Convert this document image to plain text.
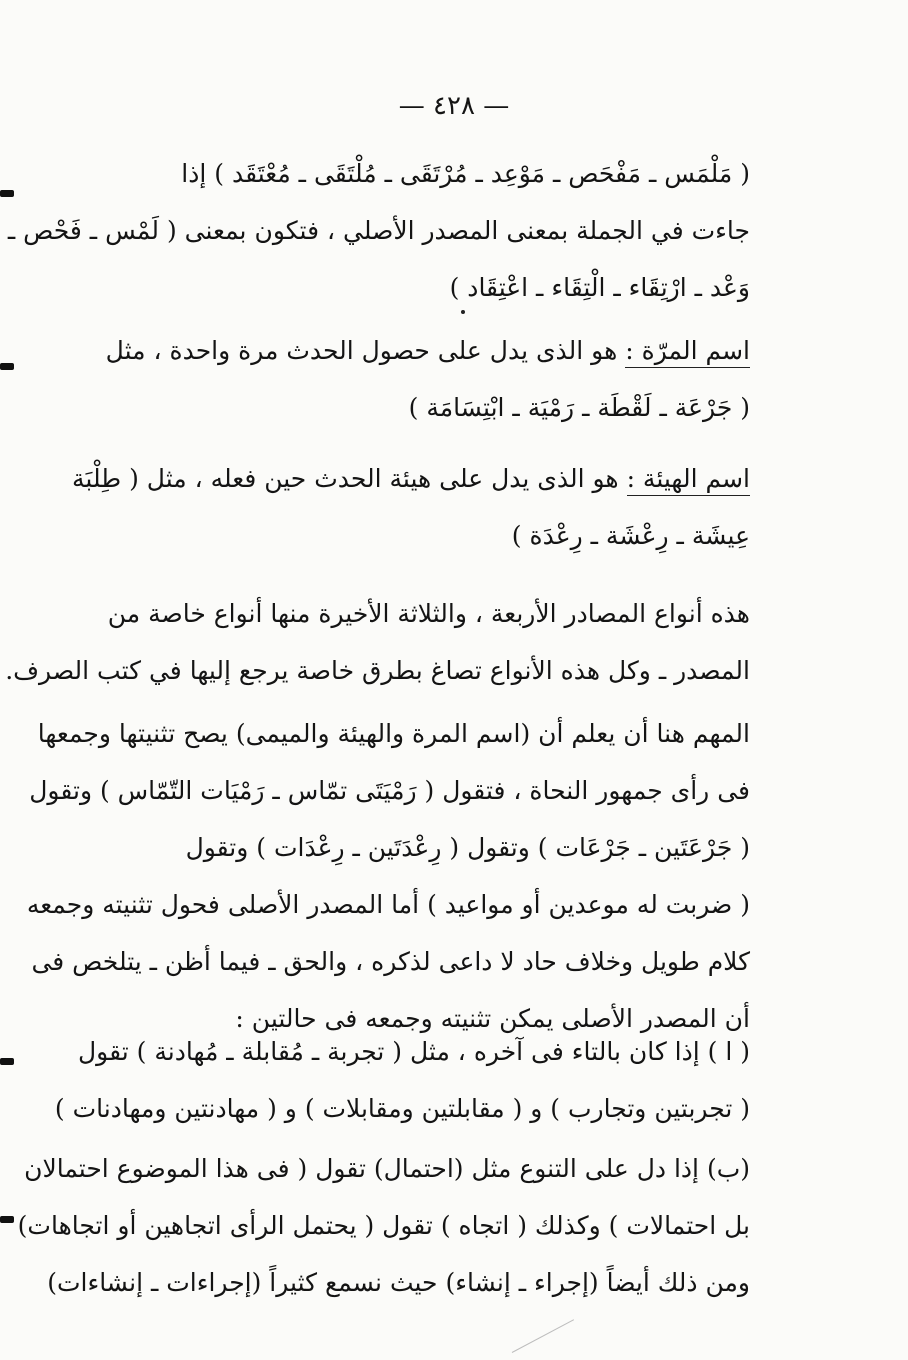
— ٤٢٨ —
( مَلْمَس ـ مَفْحَص ـ مَوْعِد ـ مُرْتَقَى ـ مُلْتَقَى ـ مُعْتَقَد ) إذا
جاءت في الجملة بمعنى المصدر الأصلي ، فتكون بمعنى ( لَمْس ـ فَحْص ـ
وَعْد ـ ارْتِقَاء ـ الْتِقَاء ـ اعْتِقَاد )
اسم المرّة : هو الذى يدل على حصول الحدث مرة واحدة ، مثل
( جَرْعَة ـ لَقْطَة ـ رَمْيَة ـ ابْتِسَامَة )
اسم الهيئة : هو الذى يدل على هيئة الحدث حين فعله ، مثل ( طِلْبَة
عِيشَة ـ رِعْشَة ـ رِعْدَة )
هذه أنواع المصادر الأربعة ، والثلاثة الأخيرة منها أنواع خاصة من
المصدر ـ وكل هذه الأنواع تصاغ بطرق خاصة يرجع إليها في كتب الصرف.
المهم هنا أن يعلم أن (اسم المرة والهيئة والميمى) يصح تثنيتها وجمعها
فى رأى جمهور النحاة ، فتقول ( رَمْيَتَى تمّاس ـ رَمْيَات التّمّاس ) وتقول
( جَرْعَتَين ـ جَرْعَات ) وتقول ( رِعْدَتَين ـ رِعْدَات ) وتقول
( ضربت له موعدين أو مواعيد ) أما المصدر الأصلى فحول تثنيته وجمعه
كلام طويل وخلاف حاد لا داعى لذكره ، والحق ـ فيما أظن ـ يتلخص فى
أن المصدر الأصلى يمكن تثنيته وجمعه فى حالتين :
( ا ) إذا كان بالتاء فى آخره ، مثل ( تجربة ـ مُقابلة ـ مُهادنة ) تقول
( تجربتين وتجارب ) و ( مقابلتين ومقابلات ) و ( مهادنتين ومهادنات )
(ب) إذا دل على التنوع مثل (احتمال) تقول ( فى هذا الموضوع احتمالان
بل احتمالات ) وكذلك ( اتجاه ) تقول ( يحتمل الرأى اتجاهين أو اتجاهات)
ومن ذلك أيضاً (إجراء ـ إنشاء) حيث نسمع كثيراً (إجراءات ـ إنشاءات)
